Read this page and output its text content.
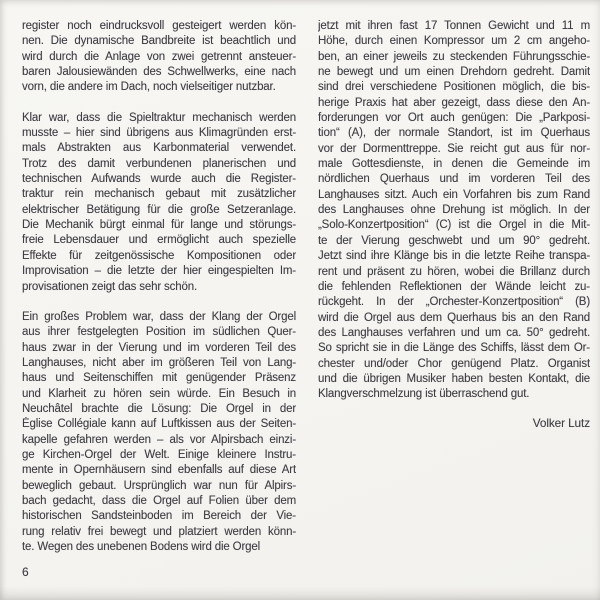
register noch eindrucksvoll gesteigert werden kön-
nen. Die dynamische Bandbreite ist beachtlich und
wird durch die Anlage von zwei getrennt ansteuer-
baren Jalousiewänden des Schwellwerks, eine nach
vorn, die andere im Dach, noch vielseitiger nutzbar.
Klar war, dass die Spieltraktur mechanisch werden
musste – hier sind übrigens aus Klimagründen erst-
mals Abstrakten aus Karbonmaterial verwendet.
Trotz des damit verbundenen planerischen und
technischen Aufwands wurde auch die Register-
traktur rein mechanisch gebaut mit zusätzlicher
elektrischer Betätigung für die große Setzeranlage.
Die Mechanik bürgt einmal für lange und störungs-
freie Lebensdauer und ermöglicht auch spezielle
Effekte für zeitgenössische Kompositionen oder
Improvisation – die letzte der hier eingespielten Im-
provisationen zeigt das sehr schön.
Ein großes Problem war, dass der Klang der Orgel
aus ihrer festgelegten Position im südlichen Quer-
haus zwar in der Vierung und im vorderen Teil des
Langhauses, nicht aber im größeren Teil von Lang-
haus und Seitenschiffen mit genügender Präsenz
und Klarheit zu hören sein würde. Ein Besuch in
Neuchâtel brachte die Lösung: Die Orgel in der
Église Collégiale kann auf Luftkissen aus der Seiten-
kapelle gefahren werden – als vor Alpirsbach einzi-
ge Kirchen-Orgel der Welt. Einige kleinere Instru-
mente in Opernhäusern sind ebenfalls auf diese Art
beweglich gebaut. Ursprünglich war nun für Alpirs-
bach gedacht, dass die Orgel auf Folien über dem
historischen Sandsteinboden im Bereich der Vie-
rung relativ frei bewegt und platziert werden könn-
te. Wegen des unebenen Bodens wird die Orgel
jetzt mit ihren fast 17 Tonnen Gewicht und 11 m
Höhe, durch einen Kompressor um 2 cm angeho-
ben, an einer jeweils zu steckenden Führungsschie-
ne bewegt und um einen Drehdorn gedreht. Damit
sind drei verschiedene Positionen möglich, die bis-
herige Praxis hat aber gezeigt, dass diese den An-
forderungen vor Ort auch genügen: Die „Parkposi-
tion“ (A), der normale Standort, ist im Querhaus
vor der Dormenttreppe. Sie reicht gut aus für nor-
male Gottesdienste, in denen die Gemeinde im
nördlichen Querhaus und im vorderen Teil des
Langhauses sitzt. Auch ein Vorfahren bis zum Rand
des Langhauses ohne Drehung ist möglich. In der
„Solo-Konzertposition“ (C) ist die Orgel in die Mit-
te der Vierung geschwebt und um 90° gedreht.
Jetzt sind ihre Klänge bis in die letzte Reihe transpa-
rent und präsent zu hören, wobei die Brillanz durch
die fehlenden Reflektionen der Wände leicht zu-
rückgeht. In der „Orchester-Konzertposition“ (B)
wird die Orgel aus dem Querhaus bis an den Rand
des Langhauses verfahren und um ca. 50° gedreht.
So spricht sie in die Länge des Schiffs, lässt dem Or-
chester und/oder Chor genügend Platz. Organist
und die übrigen Musiker haben besten Kontakt, die
Klangverschmelzung ist überraschend gut.
Volker Lutz
6
